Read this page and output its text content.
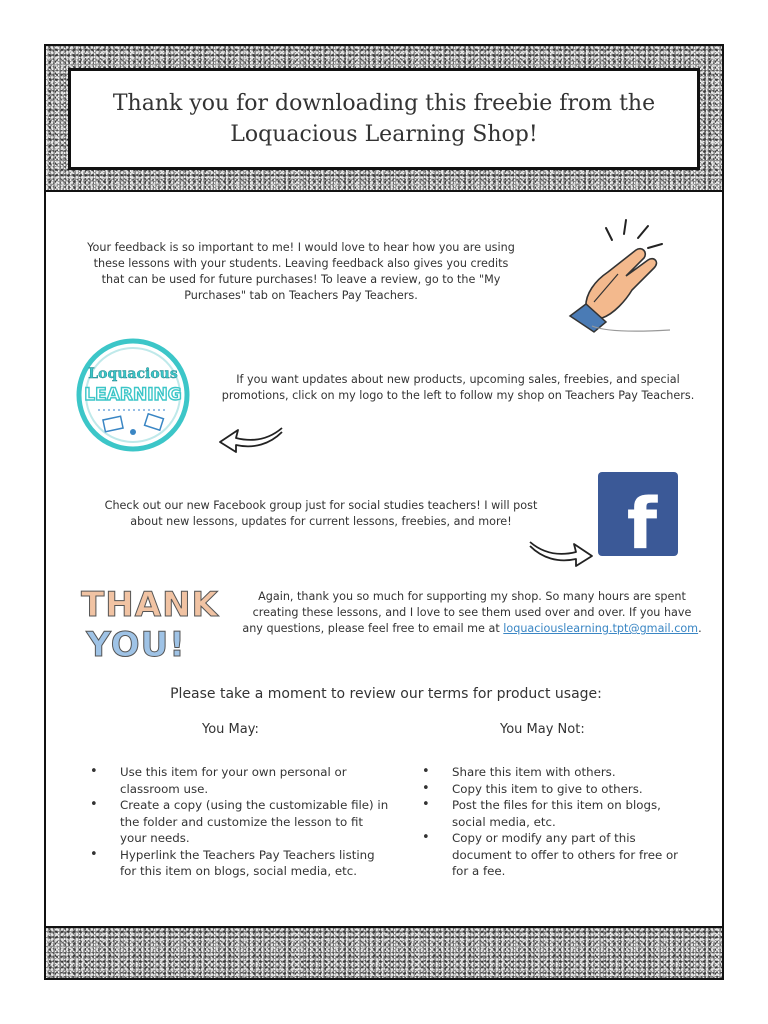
Thank you for downloading this freebie from the Loquacious Learning Shop!

Your feedback is so important to me! I would love to hear how you are using these lessons with your students. Leaving feedback also gives you credits that can be used for future purchases! To leave a review, go to the "My Purchases" tab on Teachers Pay Teachers.

Loquacious
LEARNING

If you want updates about new products, upcoming sales, freebies, and special promotions, click on my logo to the left to follow my shop on Teachers Pay Teachers.

Check out our new Facebook group just for social studies teachers! I will post about new lessons, updates for current lessons, freebies, and more!	f
THANK
YOU!

Again, thank you so much for supporting my shop. So many hours are spent creating these lessons, and I love to see them used over and over. If you have any questions, please feel free to email me at loquaciouslearning.tpt@gmail.com.

Please take a moment to review our terms for product usage:

You May:	You May Not:

• Use this item for your own personal or classroom use.
• Create a copy (using the customizable file) in the folder and customize the lesson to fit your needs.
• Hyperlink the Teachers Pay Teachers listing for this item on blogs, social media, etc.
• Share this item with others.
• Copy this item to give to others.
• Post the files for this item on blogs, social media, etc.
• Copy or modify any part of this document to offer to others for free or for a fee.
